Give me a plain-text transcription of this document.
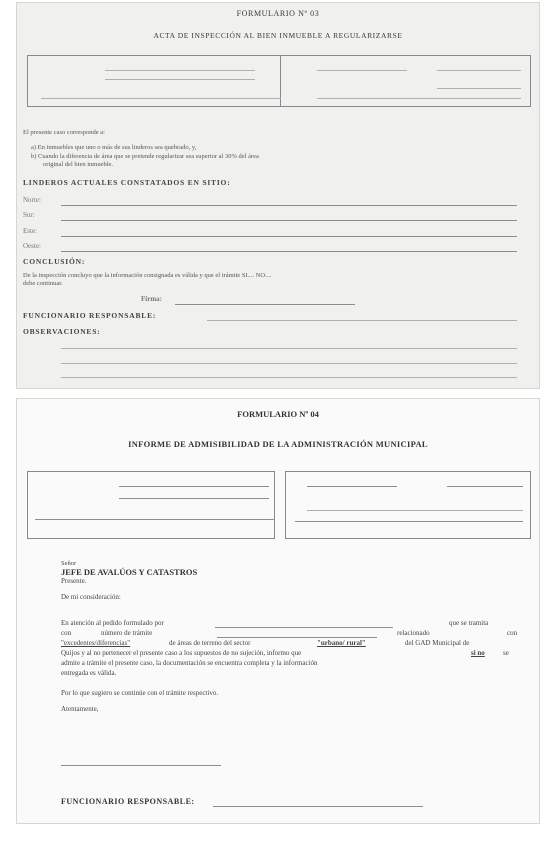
FORMULARIO Nº 03
ACTA DE INSPECCIÓN AL BIEN INMUEBLE A REGULARIZARSE
El presente caso corresponde a:
a) En inmuebles que uno o más de sus linderos sea quebrado, y,
b) Cuando la diferencia de área que se pretende regularizar sea superior al 30% del área
original del bien inmueble.
LINDEROS ACTUALES CONSTATADOS EN SITIO:
Norte:
Sur:
Este:
Oeste:
CONCLUSIÓN:
De la inspección concluyo que la información consignada es válida y que el trámite SI.... NO....
debe continuar.
Firma:
FUNCIONARIO RESPONSABLE:
OBSERVACIONES:
FORMULARIO Nº 04
INFORME DE ADMISIBILIDAD DE LA ADMINISTRACIÓN MUNICIPAL
Señor
JEFE DE AVALÚOS Y CATASTROS
Presente.
De mi consideración:
En atención al pedido formulado por	que se tramita
con	número de trámite	relacionado	con
"excedentes/diferencias"	de áreas de terreno del sector	"urbano/ rural"	del GAD Municipal de
Quijos y al no pertenecer el presente caso a los supuestos de no sujeción, informo que	si no	se
admite a trámite el presente caso, la documentación se encuentra completa y la información
entregada es válida.
Por lo que sugiero se continúe con el trámite respectivo.
Atentamente,
FUNCIONARIO RESPONSABLE:
